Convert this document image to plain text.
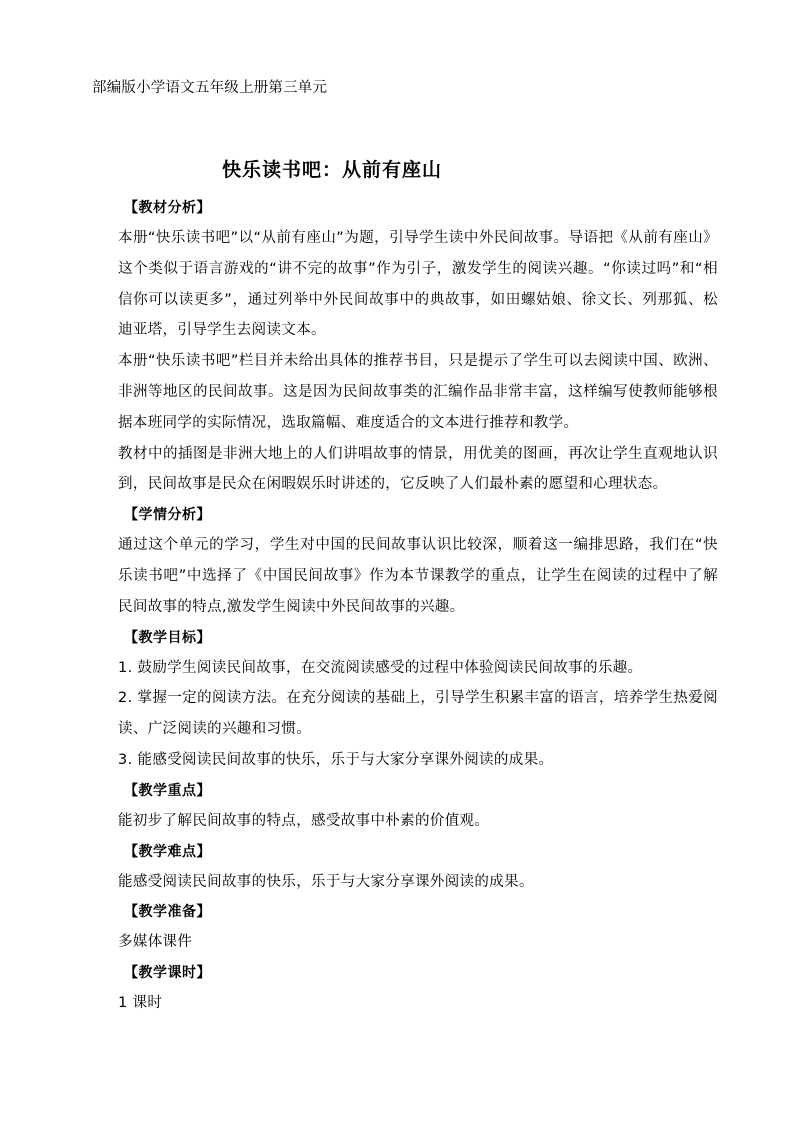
部编版小学语文五年级上册第三单元
快乐读书吧：从前有座山
【教材分析】

本册“快乐读书吧”以“从前有座山”为题，引导学生读中外民间故事。导语把《从前有座山》这个类似于语言游戏的“讲不完的故事”作为引子，激发学生的阅读兴趣。“你读过吗”和“相信你可以读更多”，通过列举中外民间故事中的典故事，如田螺姑娘、徐文长、列那狐、松迪亚塔，引导学生去阅读文本。

本册“快乐读书吧”栏目并未给出具体的推荐书目，只是提示了学生可以去阅读中国、欧洲、非洲等地区的民间故事。这是因为民间故事类的汇编作品非常丰富，这样编写使教师能够根据本班同学的实际情况，选取篇幅、难度适合的文本进行推荐和教学。

教材中的插图是非洲大地上的人们讲唱故事的情景，用优美的图画，再次让学生直观地认识到，民间故事是民众在闲暇娱乐时讲述的，它反映了人们最朴素的愿望和心理状态。

【学情分析】

通过这个单元的学习，学生对中国的民间故事认识比较深，顺着这一编排思路，我们在“快乐读书吧”中选择了《中国民间故事》作为本节课教学的重点，让学生在阅读的过程中了解民间故事的特点,激发学生阅读中外民间故事的兴趣。

【教学目标】

1. 鼓励学生阅读民间故事，在交流阅读感受的过程中体验阅读民间故事的乐趣。

2. 掌握一定的阅读方法。在充分阅读的基础上，引导学生积累丰富的语言，培养学生热爱阅读、广泛阅读的兴趣和习惯。

3. 能感受阅读民间故事的快乐，乐于与大家分享课外阅读的成果。

【教学重点】

能初步了解民间故事的特点，感受故事中朴素的价值观。

【教学难点】

能感受阅读民间故事的快乐，乐于与大家分享课外阅读的成果。

【教学准备】

多媒体课件

【教学课时】

1 课时
